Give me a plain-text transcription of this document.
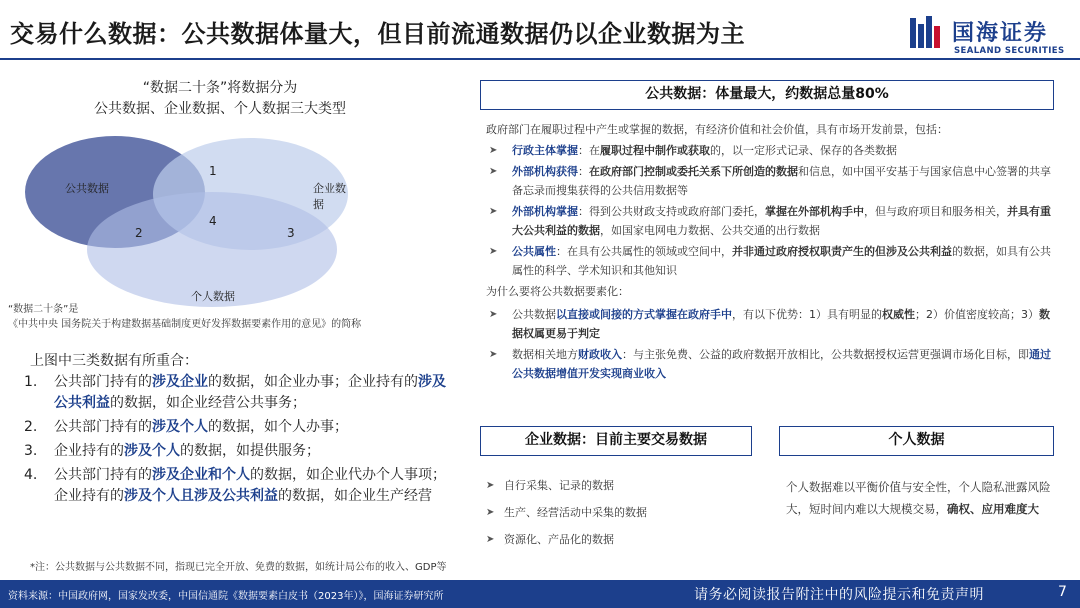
交易什么数据：公共数据体量大，但目前流通数据仍以企业数据为主	国海证券
SEALAND SECURITIES
“数据二十条”将数据分为
公共数据、企业数据、个人数据三大类型
公共数据	企业数据
个人数据
1
2	3
4
“数据二十条”是
《中共中央 国务院关于构建数据基础制度更好发挥数据要素作用的意见》的简称
上图中三类数据有所重合：
1. 公共部门持有的涉及企业的数据，如企业办事；企业持有的涉及公共利益的数据，如企业经营公共事务；
2. 公共部门持有的涉及个人的数据，如个人办事；
3. 企业持有的涉及个人的数据，如提供服务；
4. 公共部门持有的涉及企业和个人的数据，如企业代办个人事项；企业持有的涉及个人且涉及公共利益的数据，如企业生产经营
*注：公共数据与公共数据不同，指现已完全开放、免费的数据，如统计局公布的收入、GDP等
公共数据：体量最大，约数据总量80%
政府部门在履职过程中产生或掌握的数据，有经济价值和社会价值，具有市场开发前景，包括：
➤ 行政主体掌握：在履职过程中制作或获取的，以一定形式记录、保存的各类数据
➤ 外部机构获得：在政府部门控制或委托关系下所创造的数据和信息，如中国平安基于与国家信息中心签署的共享备忘录而搜集获得的公共信用数据等
➤ 外部机构掌握：得到公共财政支持或政府部门委托，掌握在外部机构手中，但与政府项目和服务相关，并具有重大公共利益的数据，如国家电网电力数据、公共交通的出行数据
➤ 公共属性：在具有公共属性的领域或空间中，并非通过政府授权职责产生的但涉及公共利益的数据，如具有公共属性的科学、学术知识和其他知识
为什么要将公共数据要素化：
➤ 公共数据以直接或间接的方式掌握在政府手中，有以下优势：1）具有明显的权威性；2）价值密度较高；3）数据权属更易于判定
➤ 数据相关地方财政收入：与主张免费、公益的政府数据开放相比，公共数据授权运营更强调市场化目标，即通过公共数据增值开发实现商业收入
企业数据：目前主要交易数据
➤ 自行采集、记录的数据
➤ 生产、经营活动中采集的数据
➤ 资源化、产品化的数据
个人数据
个人数据难以平衡价值与安全性，个人隐私泄露风险大，短时间内难以大规模交易，确权、应用难度大
资料来源：中国政府网，国家发改委，中国信通院《数据要素白皮书（2023年）》，国海证券研究所	请务必阅读报告附注中的风险提示和免责声明	7
